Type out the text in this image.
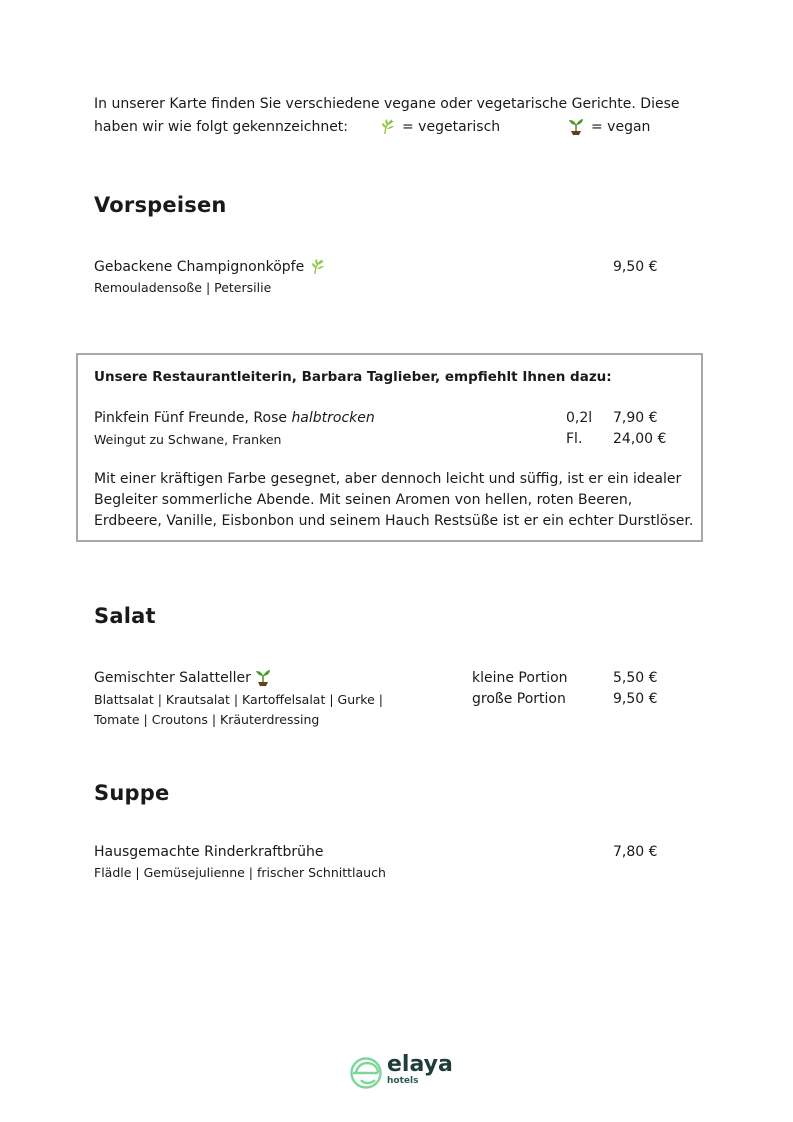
In unserer Karte finden Sie verschiedene vegane oder vegetarische Gerichte. Diese
haben wir wie folgt gekennzeichnet:	= vegetarisch	= vegan
Vorspeisen
Gebackene Champignonköpfe	9,50 €
Remouladensoße | Petersilie
Unsere Restaurantleiterin, Barbara Taglieber, empfiehlt Ihnen dazu:
Pinkfein Fünf Freunde, Rose halbtrocken	0,2l 7,90 €
Weingut zu Schwane, Franken	Fl. 24,00 €
Mit einer kräftigen Farbe gesegnet, aber dennoch leicht und süffig, ist er ein idealer Begleiter sommerliche Abende. Mit seinen Aromen von hellen, roten Beeren, Erdbeere, Vanille, Eisbonbon und seinem Hauch Restsüße ist er ein echter Durstlöser.
Salat
Gemischter Salatteller	kleine Portion	5,50 €
Blattsalat | Krautsalat | Kartoffelsalat | Gurke |	große Portion	9,50 €
Tomate | Croutons | Kräuterdressing
Suppe
Hausgemachte Rinderkraftbrühe	7,80 €
Flädle | Gemüsejulienne | frischer Schnittlauch
elaya
hotels
